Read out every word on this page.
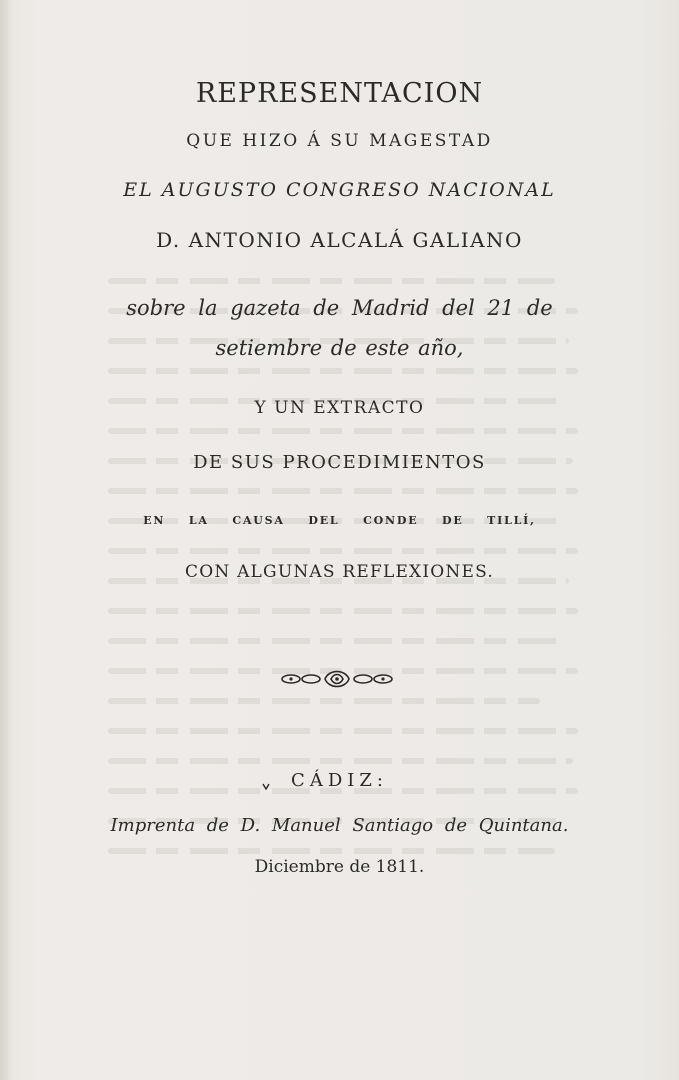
REPRESENTACION
QUE HIZO Á SU MAGESTAD
EL AUGUSTO CONGRESO NACIONAL
D. ANTONIO ALCALÁ GALIANO
sobre la gazeta de Madrid del 21 de
setiembre de este año,
Y UN EXTRACTO
DE SUS PROCEDIMIENTOS
EN LA CAUSA DEL CONDE DE TILLÍ,
CON ALGUNAS REFLEXIONES.
CÁDIZ:
Imprenta de D. Manuel Santiago de Quintana.
Diciembre de 1811.
